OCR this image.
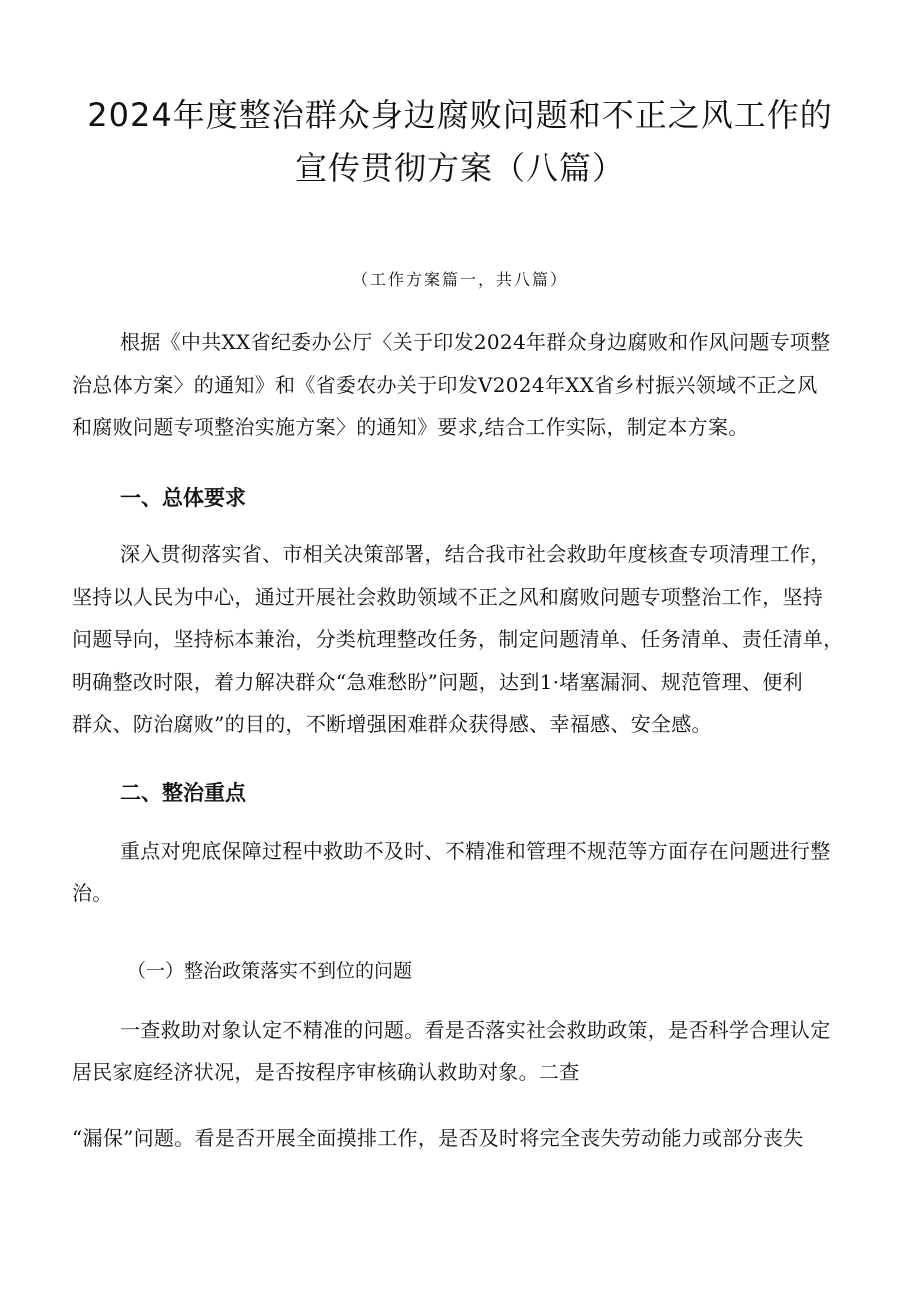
2024年度整治群众身边腐败问题和不正之风工作的
宣传贯彻方案（八篇）
（工作方案篇一，共八篇）
根据《中共XX省纪委办公厅〈关于印发2024年群众身边腐败和作风问题专项整
治总体方案〉的通知》和《省委农办关于印发V2024年XX省乡村振兴领域不正之风
和腐败问题专项整治实施方案〉的通知》要求,结合工作实际，制定本方案。
一、总体要求
深入贯彻落实省、市相关决策部署，结合我市社会救助年度核查专项清理工作，
坚持以人民为中心，通过开展社会救助领域不正之风和腐败问题专项整治工作，坚持
问题导向，坚持标本兼治，分类杭理整改任务，制定问题清单、任务清单、责任清单，
明确整改时限，着力解决群众“急难愁盼”问题，达到1·堵塞漏洞、规范管理、便利
群众、防治腐败”的目的，不断增强困难群众获得感、幸福感、安全感。
二、整治重点
重点对兜底保障过程中救助不及时、不精准和管理不规范等方面存在问题进行整
治。
（一）整治政策落实不到位的问题
一查救助对象认定不精准的问题。看是否落实社会救助政策，是否科学合理认定
居民家庭经济状况，是否按程序审核确认救助对象。二查
“漏保”问题。看是否开展全面摸排工作，是否及时将完全丧失劳动能力或部分丧失
